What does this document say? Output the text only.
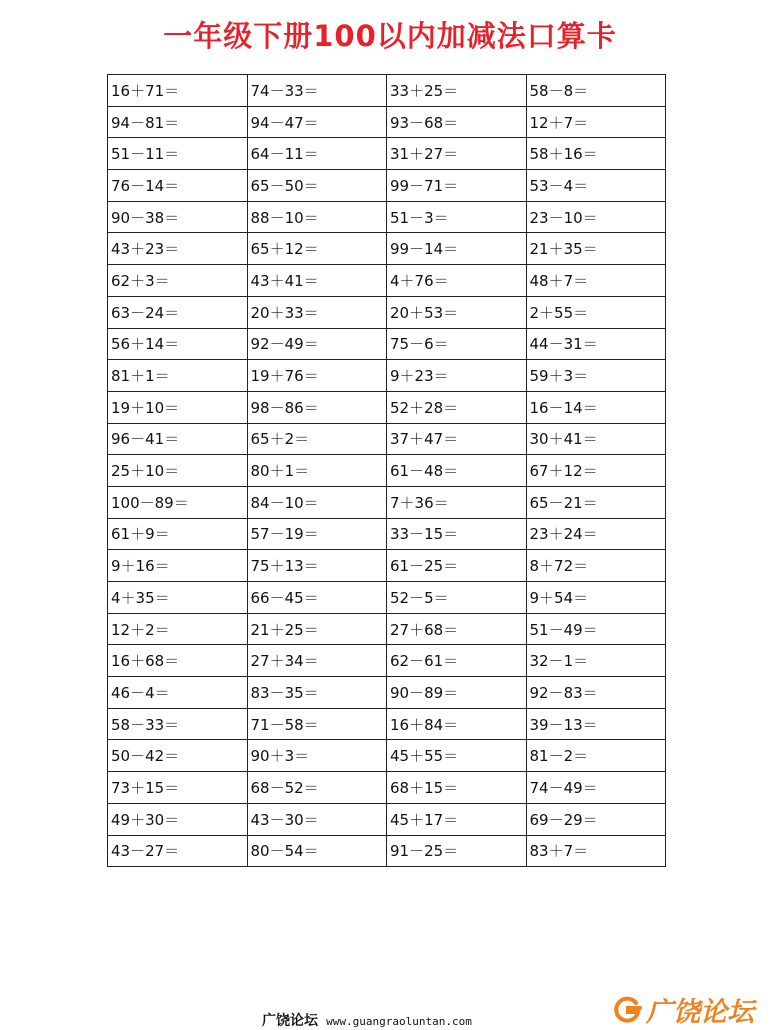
一年级下册100以内加减法口算卡
16＋71＝	74－33＝	33＋25＝	58－8＝
94－81＝	94－47＝	93－68＝	12＋7＝
51－11＝	64－11＝	31＋27＝	58＋16＝
76－14＝	65－50＝	99－71＝	53－4＝
90－38＝	88－10＝	51－3＝	23－10＝
43＋23＝	65＋12＝	99－14＝	21＋35＝
62＋3＝	43＋41＝	4＋76＝	48＋7＝
63－24＝	20＋33＝	20＋53＝	2＋55＝
56＋14＝	92－49＝	75－6＝	44－31＝
81＋1＝	19＋76＝	9＋23＝	59＋3＝
19＋10＝	98－86＝	52＋28＝	16－14＝
96－41＝	65＋2＝	37＋47＝	30＋41＝
25＋10＝	80＋1＝	61－48＝	67＋12＝
100－89＝	84－10＝	7＋36＝	65－21＝
61＋9＝	57－19＝	33－15＝	23＋24＝
9＋16＝	75＋13＝	61－25＝	8＋72＝
4＋35＝	66－45＝	52－5＝	9＋54＝
12＋2＝	21＋25＝	27＋68＝	51－49＝
16＋68＝	27＋34＝	62－61＝	32－1＝
46－4＝	83－35＝	90－89＝	92－83＝
58－33＝	71－58＝	16＋84＝	39－13＝
50－42＝	90＋3＝	45＋55＝	81－2＝
73＋15＝	68－52＝	68＋15＝	74－49＝
49＋30＝	43－30＝	45＋17＝	69－29＝
43－27＝	80－54＝	91－25＝	83＋7＝
广饶论坛 www.guangraoluntan.com	广饶论坛
